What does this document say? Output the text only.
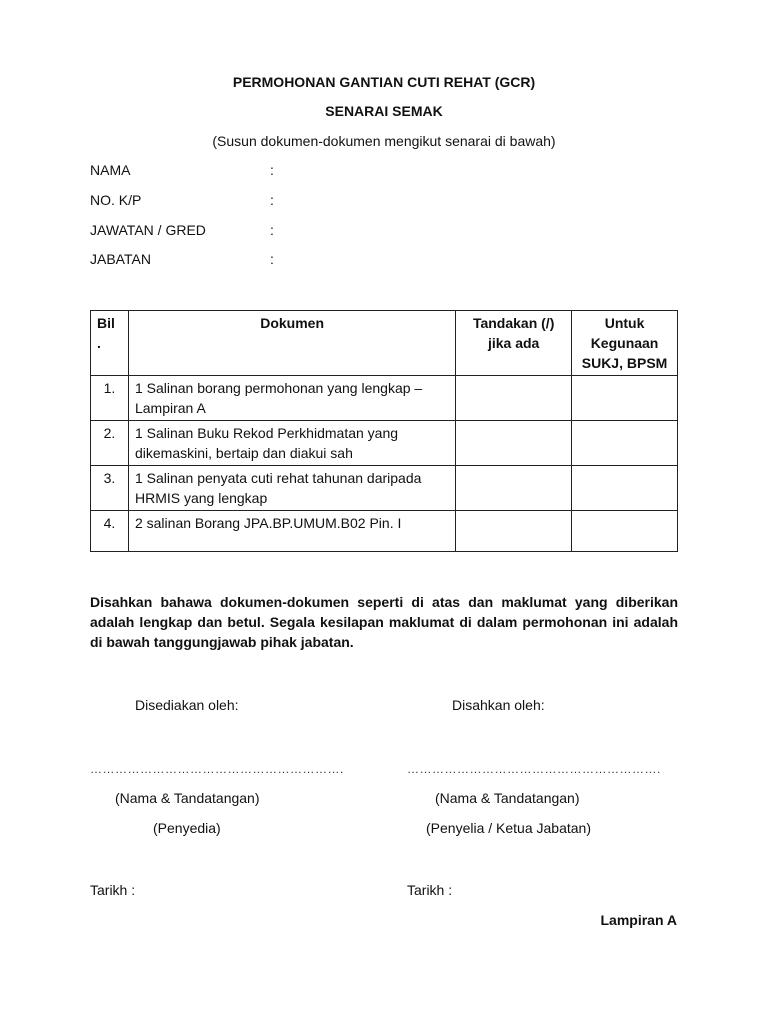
PERMOHONAN GANTIAN CUTI REHAT (GCR)
SENARAI SEMAK
(Susun dokumen-dokumen mengikut senarai di bawah)
NAMA	:
NO. K/P	:
JAWATAN / GRED	:
JABATAN	:
Bil .	Dokumen	Tandakan (/) jika ada	Untuk Kegunaan SUKJ, BPSM
1.	1 Salinan borang permohonan yang lengkap – Lampiran A		
2.	1 Salinan Buku Rekod Perkhidmatan yang dikemaskini, bertaip dan diakui sah		
3.	1 Salinan penyata cuti rehat tahunan daripada HRMIS yang lengkap		
4.	2 salinan Borang JPA.BP.UMUM.B02 Pin. I		
Disahkan bahawa dokumen-dokumen seperti di atas dan maklumat yang diberikan adalah lengkap dan betul. Segala kesilapan maklumat di dalam permohonan ini adalah di bawah tanggungjawab pihak jabatan.
Disediakan oleh:
…………………………………………………….
(Nama & Tandatangan)
(Penyedia)
Tarikh :
Disahkan oleh:
…………………………………………………….
(Nama & Tandatangan)
(Penyelia / Ketua Jabatan)
Tarikh :
Lampiran A
